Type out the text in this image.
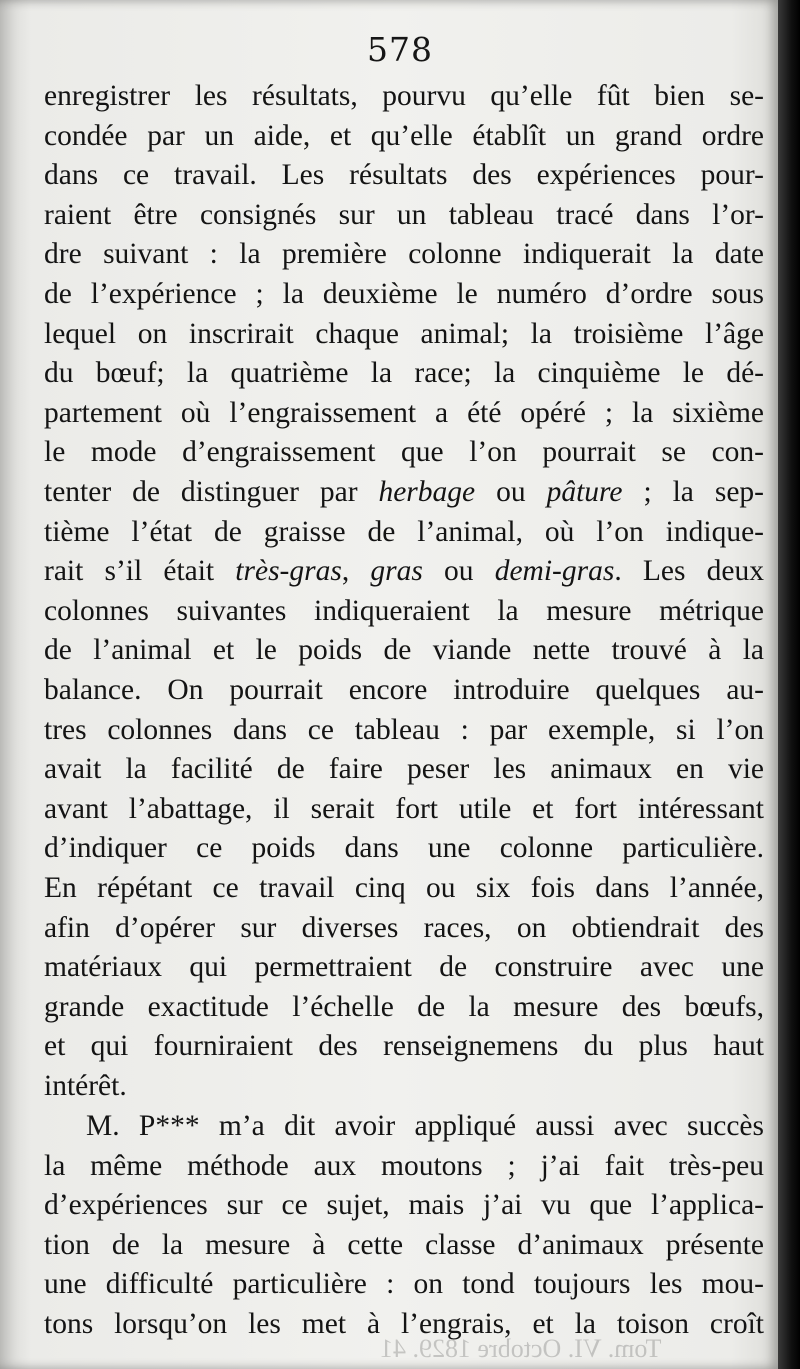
578
enregistrer les résultats, pourvu qu’elle fût bien se-
condée par un aide, et qu’elle établît un grand ordre
dans ce travail. Les résultats des expériences pour-
raient être consignés sur un tableau tracé dans l’or-
dre suivant : la première colonne indiquerait la date
de l’expérience ; la deuxième le numéro d’ordre sous
lequel on inscrirait chaque animal; la troisième l’âge
du bœuf; la quatrième la race; la cinquième le dé-
partement où l’engraissement a été opéré ; la sixième
le mode d’engraissement que l’on pourrait se con-
tenter de distinguer par herbage ou pâture ; la sep-
tième l’état de graisse de l’animal, où l’on indique-
rait s’il était très-gras, gras ou demi-gras. Les deux
colonnes suivantes indiqueraient la mesure métrique
de l’animal et le poids de viande nette trouvé à la
balance. On pourrait encore introduire quelques au-
tres colonnes dans ce tableau : par exemple, si l’on
avait la facilité de faire peser les animaux en vie
avant l’abattage, il serait fort utile et fort intéressant
d’indiquer ce poids dans une colonne particulière.
En répétant ce travail cinq ou six fois dans l’année,
afin d’opérer sur diverses races, on obtiendrait des
matériaux qui permettraient de construire avec une
grande exactitude l’échelle de la mesure des bœufs,
et qui fourniraient des renseignemens du plus haut
intérêt.
M. P*** m’a dit avoir appliqué aussi avec succès
la même méthode aux moutons ; j’ai fait très-peu
d’expériences sur ce sujet, mais j’ai vu que l’applica-
tion de la mesure à cette classe d’animaux présente
une difficulté particulière : on tond toujours les mou-
tons lorsqu’on les met à l’engrais, et la toison croît
Tom. VI. Octobre 1829. 41
